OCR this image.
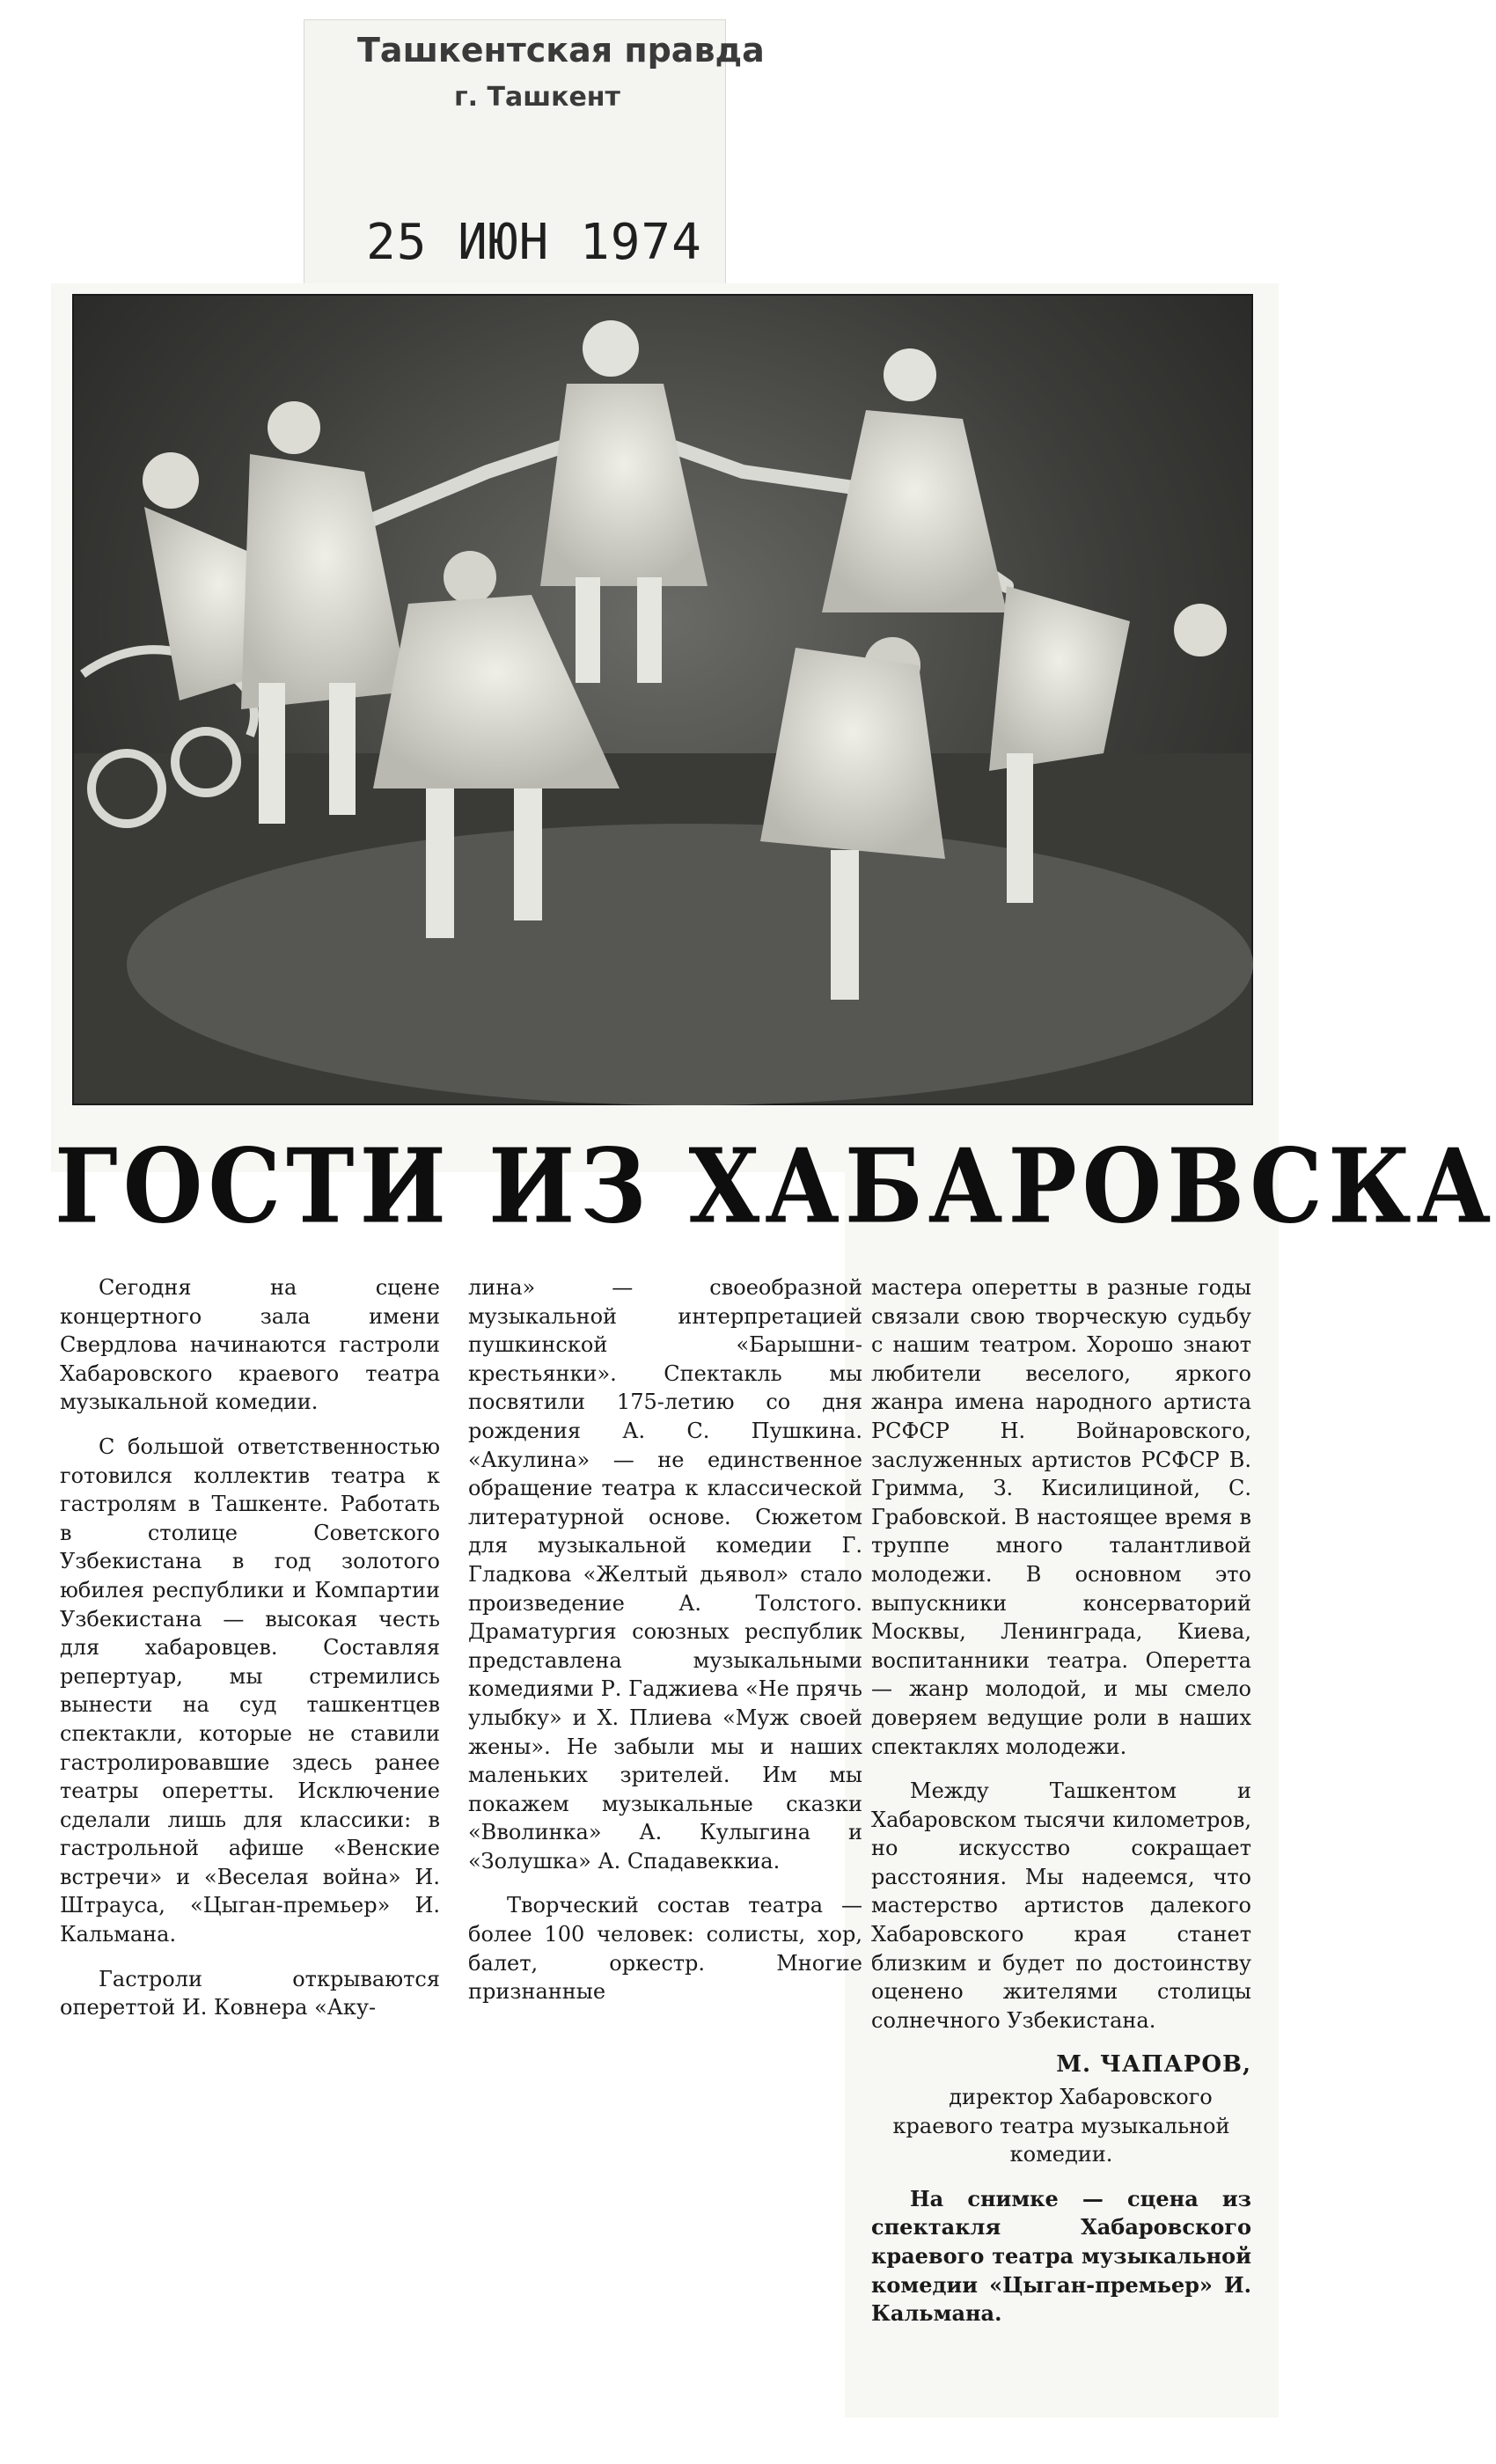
Ташкентская правда
г. Ташкент
25 ИЮН 1974
ГОСТИ ИЗ ХАБАРОВСКА

Сегодня на сцене концертного зала имени Свердлова начинаются гастроли Хабаровского краевого театра музыкальной комедии.

С большой ответственностью готовился коллектив театра к гастролям в Ташкенте. Работать в столице Советского Узбекистана в год золотого юбилея республики и Компартии Узбекистана — высокая честь для хабаровцев. Составляя репертуар, мы стремились вынести на суд ташкентцев спектакли, которые не ставили гастролировавшие здесь ранее театры оперетты. Исключение сделали лишь для классики: в гастрольной афише «Венские встречи» и «Веселая война» И. Штрауса, «Цыган-премьер» И. Кальмана.

Гастроли открываются опереттой И. Ковнера «Аку-

лина» — своеобразной музыкальной интерпретацией пушкинской «Барышни-крестьянки». Спектакль мы посвятили 175-летию со дня рождения А. С. Пушкина. «Акулина» — не единственное обращение театра к классической литературной основе. Сюжетом для музыкальной комедии Г. Гладкова «Желтый дьявол» стало произведение А. Толстого. Драматургия союзных республик представлена музыкальными комедиями Р. Гаджиева «Не прячь улыбку» и Х. Плиева «Муж своей жены». Не забыли мы и наших маленьких зрителей. Им мы покажем музыкальные сказки «Вволинка» А. Кулыгина и «Золушка» А. Спадавеккиа.

Творческий состав театра — более 100 человек: солисты, хор, балет, оркестр. Многие признанные

мастера оперетты в разные годы связали свою творческую судьбу с нашим театром. Хорошо знают любители веселого, яркого жанра имена народного артиста РСФСР Н. Войнаровского, заслуженных артистов РСФСР В. Гримма, З. Кисилициной, С. Грабовской. В настоящее время в труппе много талантливой молодежи. В основном это выпускники консерваторий Москвы, Ленинграда, Киева, воспитанники театра. Оперетта — жанр молодой, и мы смело доверяем ведущие роли в наших спектаклях молодежи.

Между Ташкентом и Хабаровском тысячи километров, но искусство сокращает расстояния. Мы надеемся, что мастерство артистов далекого Хабаровского края станет близким и будет по достоинству оценено жителями столицы солнечного Узбекистана.

М. ЧАПАРОВ,

директор Хабаровского краевого театра музыкальной комедии.

На снимке — сцена из спектакля Хабаровского краевого театра музыкальной комедии «Цыган-премьер» И. Кальмана.
